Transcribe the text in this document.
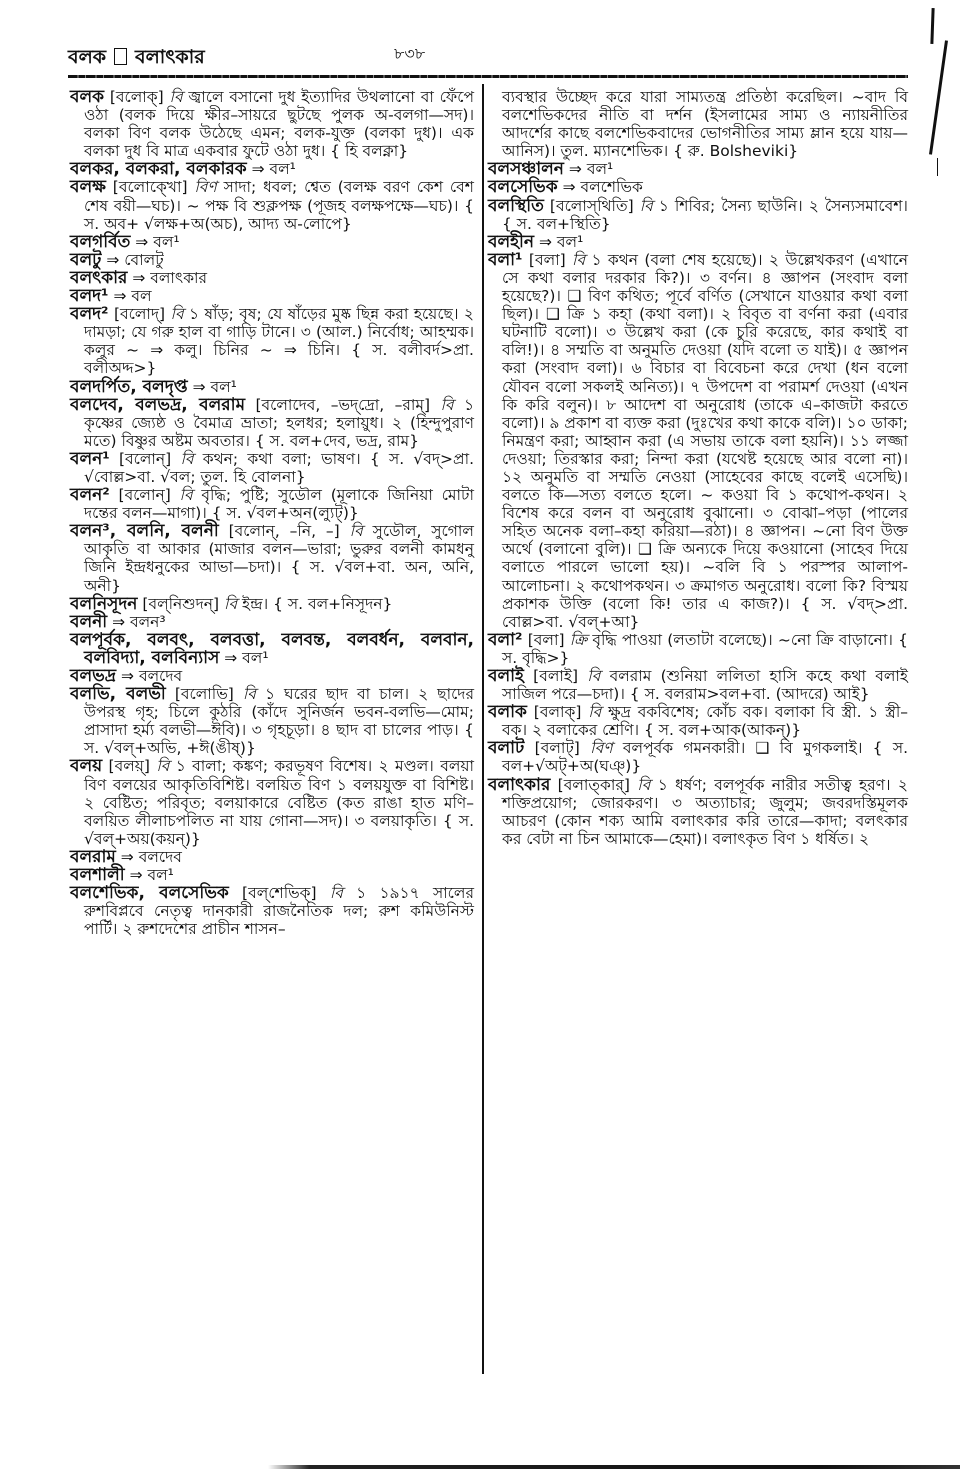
বলক বলাৎকার	৮৩৮

বলক [বলোক্] বি জ্বালে বসানো দুধ ইত্যাদির উথলানো বা ফেঁপে ওঠা (বলক দিয়ে ক্ষীর–সায়রে ছুটছে পুলক অ-বলগা—সদ)। বলকা বিণ বলক উঠেছে এমন; বলক-যুক্ত (বলকা দুধ)। এক বলকা দুধ বি মাত্র একবার ফুটে ওঠা দুধ। { হি বলক্না}

বলকর, বলকরা, বলকারক ⇒ বল¹

বলক্ষ [বলোক্খো] বিণ সাদা; ধবল; শ্বেত (বলক্ষ বরণ কেশ বেশ শেষ বয়ী—ঘচ)। ~ পক্ষ বি শুক্লপক্ষ (পূজহ বলক্ষপক্ষে—ঘচ)। { স. অব+ √লক্ষ+অ(অচ), আদ্য অ-লোপে}

বলগর্বিত ⇒ বল¹

বলটু ⇒ বোলটু

বলৎকার ⇒ বলাৎকার

বলদ¹ ⇒ বল

বলদ² [বলোদ্] বি ১ ষাঁড়; বৃষ; যে ষাঁড়ের মুষ্ক ছিন্ন করা হয়েছে। ২ দামড়া; যে গরু হাল বা গাড়ি টানে। ৩ (আল.) নির্বোধ; আহম্মক। কলুর ~ ⇒ কলু। চিনির ~ ⇒ চিনি। { স. বলীবর্দ>প্রা. বলীঅদ্দ>}

বলদর্পিত, বলদৃপ্ত ⇒ বল¹

বলদেব, বলভদ্র, বলরাম [বলোদেব, –ভদ্‌দ্রো, –রাম্] বি ১ কৃষ্ণের জ্যেষ্ঠ ও বৈমাত্র ভ্রাতা; হলধর; হলায়ুধ। ২ (হিন্দুপুরাণ মতে) বিষ্ণুর অষ্টম অবতার। { স. বল+দেব, ভদ্র, রাম}

বলন¹ [বলোন্] বি কথন; কথা বলা; ভাষণ। { স. √বদ্>প্রা. √বোল্ল>বা. √বল; তুল. হি বোলনা}

বলন² [বলোন্] বি বৃদ্ধি; পুষ্টি; সুডৌল (মূলাকে জিনিয়া মোটা দন্তের বলন—মাগা)। { স. √বল+অন(ল্যুট্)}

বলন³, বলনি, বলনী [বলোন্, –নি, –] বি সুডৌল, সুগোল আকৃতি বা আকার (মাজার বলন—ভারা; ভুরুর বলনী কামধনু জিনি ইন্দ্রধনুকের আভা—চদা)। { স. √বল+বা. অন, অনি, অনী}

বলনিসূদন [বল্‌নিশুদন্] বি ইন্দ্র। { স. বল+নিসূদন}

বলনী ⇒ বলন³

বলপূর্বক, বলবৎ, বলবত্তা, বলবন্ত, বলবর্ধন, বলবান, বলবিদ্যা, বলবিন্যাস ⇒ বল¹

বলভদ্র ⇒ বলদেব

বলভি, বলভী [বলোভি] বি ১ ঘরের ছাদ বা চাল। ২ ছাদের উপরস্থ গৃহ; চিলে কুঠরি (কাঁদে সুনির্জন ভবন-বলভি—মোম; প্রাসাদা হর্ম্য বলভী—ঈবি)। ৩ গৃহচূড়া। ৪ ছাদ বা চালের পাড়। { স. √বল্+অভি, +ঈ(ঙীষ্)}

বলয় [বলয়্] বি ১ বালা; কঙ্কণ; করভূষণ বিশেষ। ২ মণ্ডল। বলয়া বিণ বলয়ের আকৃতিবিশিষ্ট। বলয়িত বিণ ১ বলয়যুক্ত বা বিশিষ্ট। ২ বেষ্টিত; পরিবৃত; বলয়াকারে বেষ্টিত (কত রাঙা হাত মণি–বলয়িত লীলাচপলিত না যায় গোনা—সদ)। ৩ বলয়াকৃতি। { স. √বল্+অয়(কয়ন্)}

বলরাম ⇒ বলদেব

বলশালী ⇒ বল¹

বলশেভিক, বলসেভিক [বল্‌শেভিক্] বি ১ ১৯১৭ সালের রুশবিপ্লবে নেতৃত্ব দানকারী রাজনৈতিক দল; রুশ কমিউনিস্ট পার্টি। ২ রুশদেশের প্রাচীন শাসন–

ব্যবস্থার উচ্ছেদ করে যারা সাম্যতন্ত্র প্রতিষ্ঠা করেছিল। ~বাদ বি বলশেভিকদের নীতি বা দর্শন (ইসলামের সাম্য ও ন্যায়নীতির আদর্শের কাছে বলশেভিকবাদের ভোগনীতির সাম্য ম্লান হয়ে যায়—আনিস)। তুল. ম্যানশেভিক। { রু. Bolsheviki}

বলসঞ্চালন ⇒ বল¹

বলসেভিক ⇒ বলশেভিক

বলস্থিতি [বলোস্‌থিতি] বি ১ শিবির; সৈন্য ছাউনি। ২ সৈন্যসমাবেশ। { স. বল+স্থিতি}

বলহীন ⇒ বল¹

বলা¹ [বলা] বি ১ কথন (বলা শেষ হয়েছে)। ২ উল্লেখকরণ (এখানে সে কথা বলার দরকার কি?)। ৩ বর্ণন। ৪ জ্ঞাপন (সংবাদ বলা হয়েছে?)। ❑ বিণ কথিত; পূর্বে বর্ণিত (সেখানে যাওয়ার কথা বলা ছিল)। ❑ ক্রি ১ কহা (কথা বলা)। ২ বিবৃত বা বর্ণনা করা (এবার ঘটনাটি বলো)। ৩ উল্লেখ করা (কে চুরি করেছে, কার কথাই বা বলি!)। ৪ সম্মতি বা অনুমতি দেওয়া (যদি বলো ত যাই)। ৫ জ্ঞাপন করা (সংবাদ বলা)। ৬ বিচার বা বিবেচনা করে দেখা (ধন বলো যৌবন বলো সকলই অনিত্য)। ৭ উপদেশ বা পরামর্শ দেওয়া (এখন কি করি বলুন)। ৮ আদেশ বা অনুরোধ (তাকে এ–কাজটা করতে বলো)। ৯ প্রকাশ বা ব্যক্ত করা (দুঃখের কথা কাকে বলি)। ১০ ডাকা; নিমন্ত্রণ করা; আহ্বান করা (এ সভায় তাকে বলা হয়নি)। ১১ লজ্জা দেওয়া; তিরস্কার করা; নিন্দা করা (যথেষ্ট হয়েছে আর বলো না)। ১২ অনুমতি বা সম্মতি নেওয়া (সাহেবের কাছে বলেই এসেছি)। বলতে কি—সত্য বলতে হলে। ~ কওয়া বি ১ কথোপ-কথন। ২ বিশেষ করে বলন বা অনুরোধ বুঝানো। ৩ বোঝা–পড়া (পালের সহিত অনেক বলা–কহা করিয়া—রঠা)। ৪ জ্ঞাপন। ~নো বিণ উক্ত অর্থে (বলানো বুলি)। ❑ ক্রি অন্যকে দিয়ে কওয়ানো (সাহেব দিয়ে বলাতে পারলে ভালো হয়)। ~বলি বি ১ পরস্পর আলাপ-আলোচনা। ২ কথোপকথন। ৩ ক্রমাগত অনুরোধ। বলো কি? বিস্ময় প্রকাশক উক্তি (বলো কি! তার এ কাজ?)। { স. √বদ্>প্রা. বোল্ল>বা. √বল্+আ}

বলা² [বলা] ক্রি বৃদ্ধি পাওয়া (লতাটা বলেছে)। ~নো ক্রি বাড়ানো। { স. বৃদ্ধি>}

বলাই [বলাই] বি বলরাম (শুনিয়া ললিতা হাসি কহে কথা বলাই সাজিল পরে—চদা)। { স. বলরাম>বল+বা. (আদরে) আই}

বলাক [বলাক্] বি ক্ষুদ্র বকবিশেষ; কোঁচ বক। বলাকা বি স্ত্রী. ১ স্ত্রী–বক। ২ বলাকের শ্রেণি। { স. বল+আক(আকন্)}

বলাট [বলাট্] বিণ বলপূর্বক গমনকারী। ❑ বি মুগকলাই। { স. বল+√অট্+অ(ঘঞ্)}

বলাৎকার [বলাত্‌কার্] বি ১ ধর্ষণ; বলপূর্বক নারীর সতীত্ব হরণ। ২ শক্তিপ্রয়োগ; জোরকরণ। ৩ অত্যাচার; জুলুম; জবরদস্তিমূলক আচরণ (কোন শক্য আমি বলাৎকার করি তারে—কাদা; বলৎকার কর বেটা না চিন আমাকে—হেমা)। বলাৎকৃত বিণ ১ ধর্ষিত। ২
